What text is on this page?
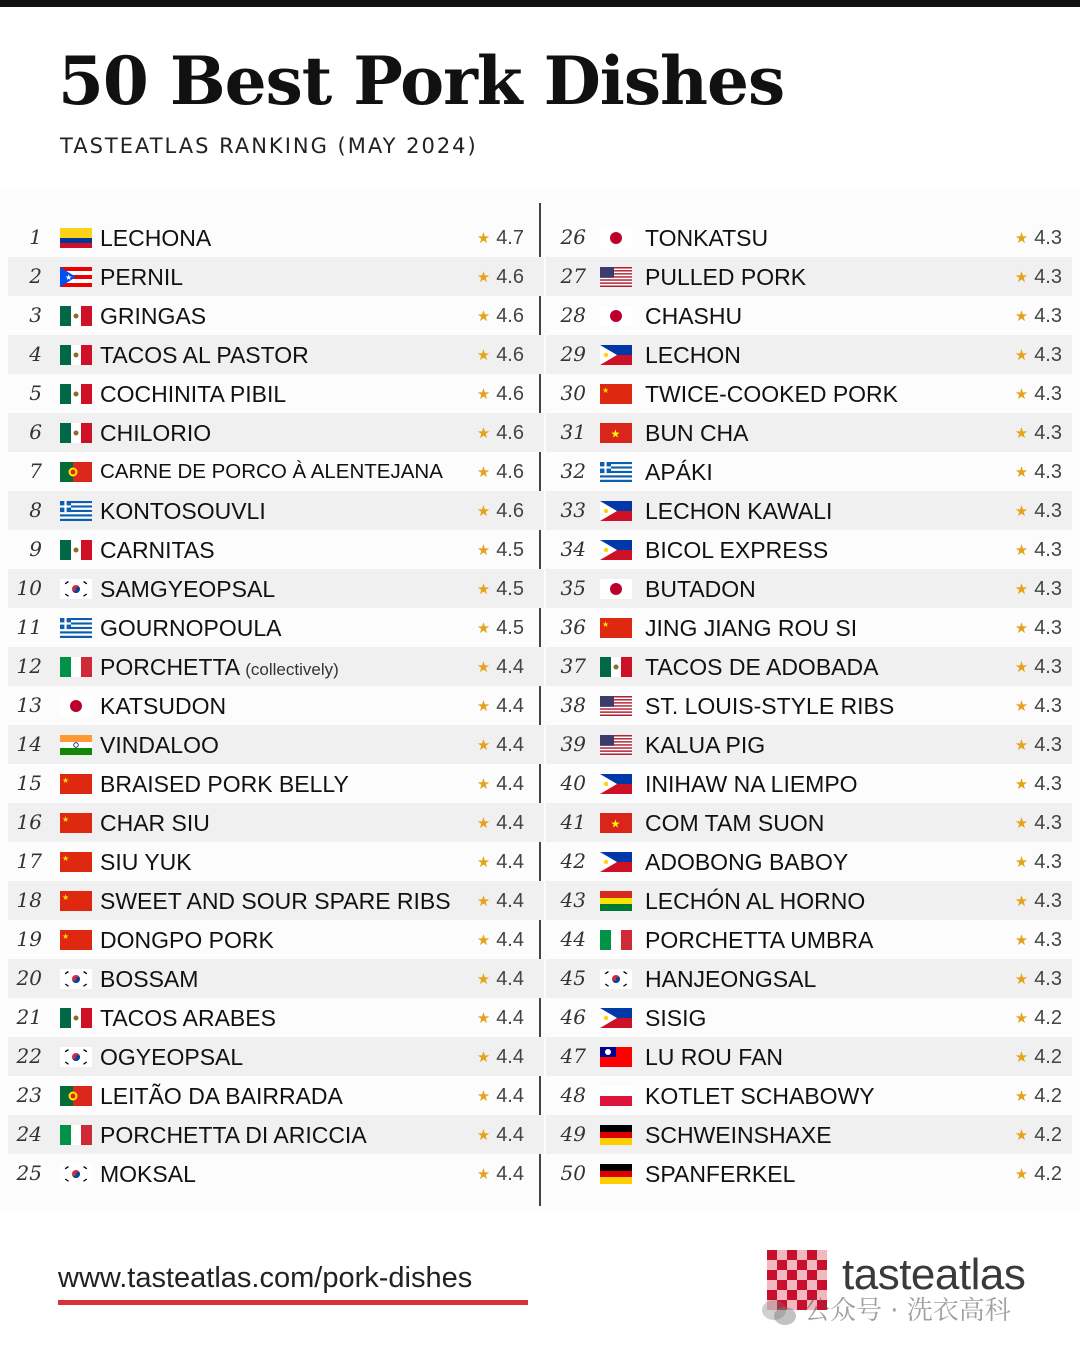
50 Best Pork Dishes
TASTEATLAS RANKING (MAY 2024)
1	LECHONA	★ 4.7
2	★ PERNIL	★ 4.6
3	GRINGAS	★ 4.6
4	TACOS AL PASTOR	★ 4.6
5	COCHINITA PIBIL	★ 4.6
6	CHILORIO	★ 4.6
7	CARNE DE PORCO À ALENTEJANA ★ 4.6
8	KONTOSOUVLI	★ 4.6
9	CARNITAS	★ 4.5
10	SAMGYEOPSAL	★ 4.5
11	GOURNOPOULA	★ 4.5
12	PORCHETTA (collectively)	★ 4.4
13	KATSUDON	★ 4.4
14	VINDALOO	★ 4.4
15	★ BRAISED PORK BELLY	★ 4.4
16	★ CHAR SIU	★ 4.4
17	★ SIU YUK	★ 4.4
18	★ SWEET AND SOUR SPARE RIBS ★ 4.4
19	★ DONGPO PORK	★ 4.4
20	BOSSAM	★ 4.4
21	TACOS ARABES	★ 4.4
22	OGYEOPSAL	★ 4.4
23	LEITÃO DA BAIRRADA	★ 4.4
24	PORCHETTA DI ARICCIA	★ 4.4
25	MOKSAL	★ 4.4
26	TONKATSU	★ 4.3
27	PULLED PORK	★ 4.3
28	CHASHU	★ 4.3
29	LECHON	★ 4.3
30 ★ TWICE-COOKED PORK	★ 4.3
31 ★ BUN CHA	★ 4.3
32	APÁKI	★ 4.3
33	LECHON KAWALI	★ 4.3
34	BICOL EXPRESS	★ 4.3
35	BUTADON	★ 4.3
36 ★ JING JIANG ROU SI	★ 4.3
37	TACOS DE ADOBADA	★ 4.3
38	ST. LOUIS-STYLE RIBS	★ 4.3
39	KALUA PIG	★ 4.3
40	INIHAW NA LIEMPO	★ 4.3
41 ★ COM TAM SUON	★ 4.3
42	ADOBONG BABOY	★ 4.3
43	LECHÓN AL HORNO	★ 4.3
44	PORCHETTA UMBRA	★ 4.3
45	HANJEONGSAL	★ 4.3
46	SISIG	★ 4.2
47	LU ROU FAN	★ 4.2
48	KOTLET SCHABOWY	★ 4.2
49	SCHWEINSHAXE	★ 4.2
50	SPANFERKEL	★ 4.2
www.tasteatlas.com/pork-dishes	tasteatlas
公众号 · 洗衣高科
